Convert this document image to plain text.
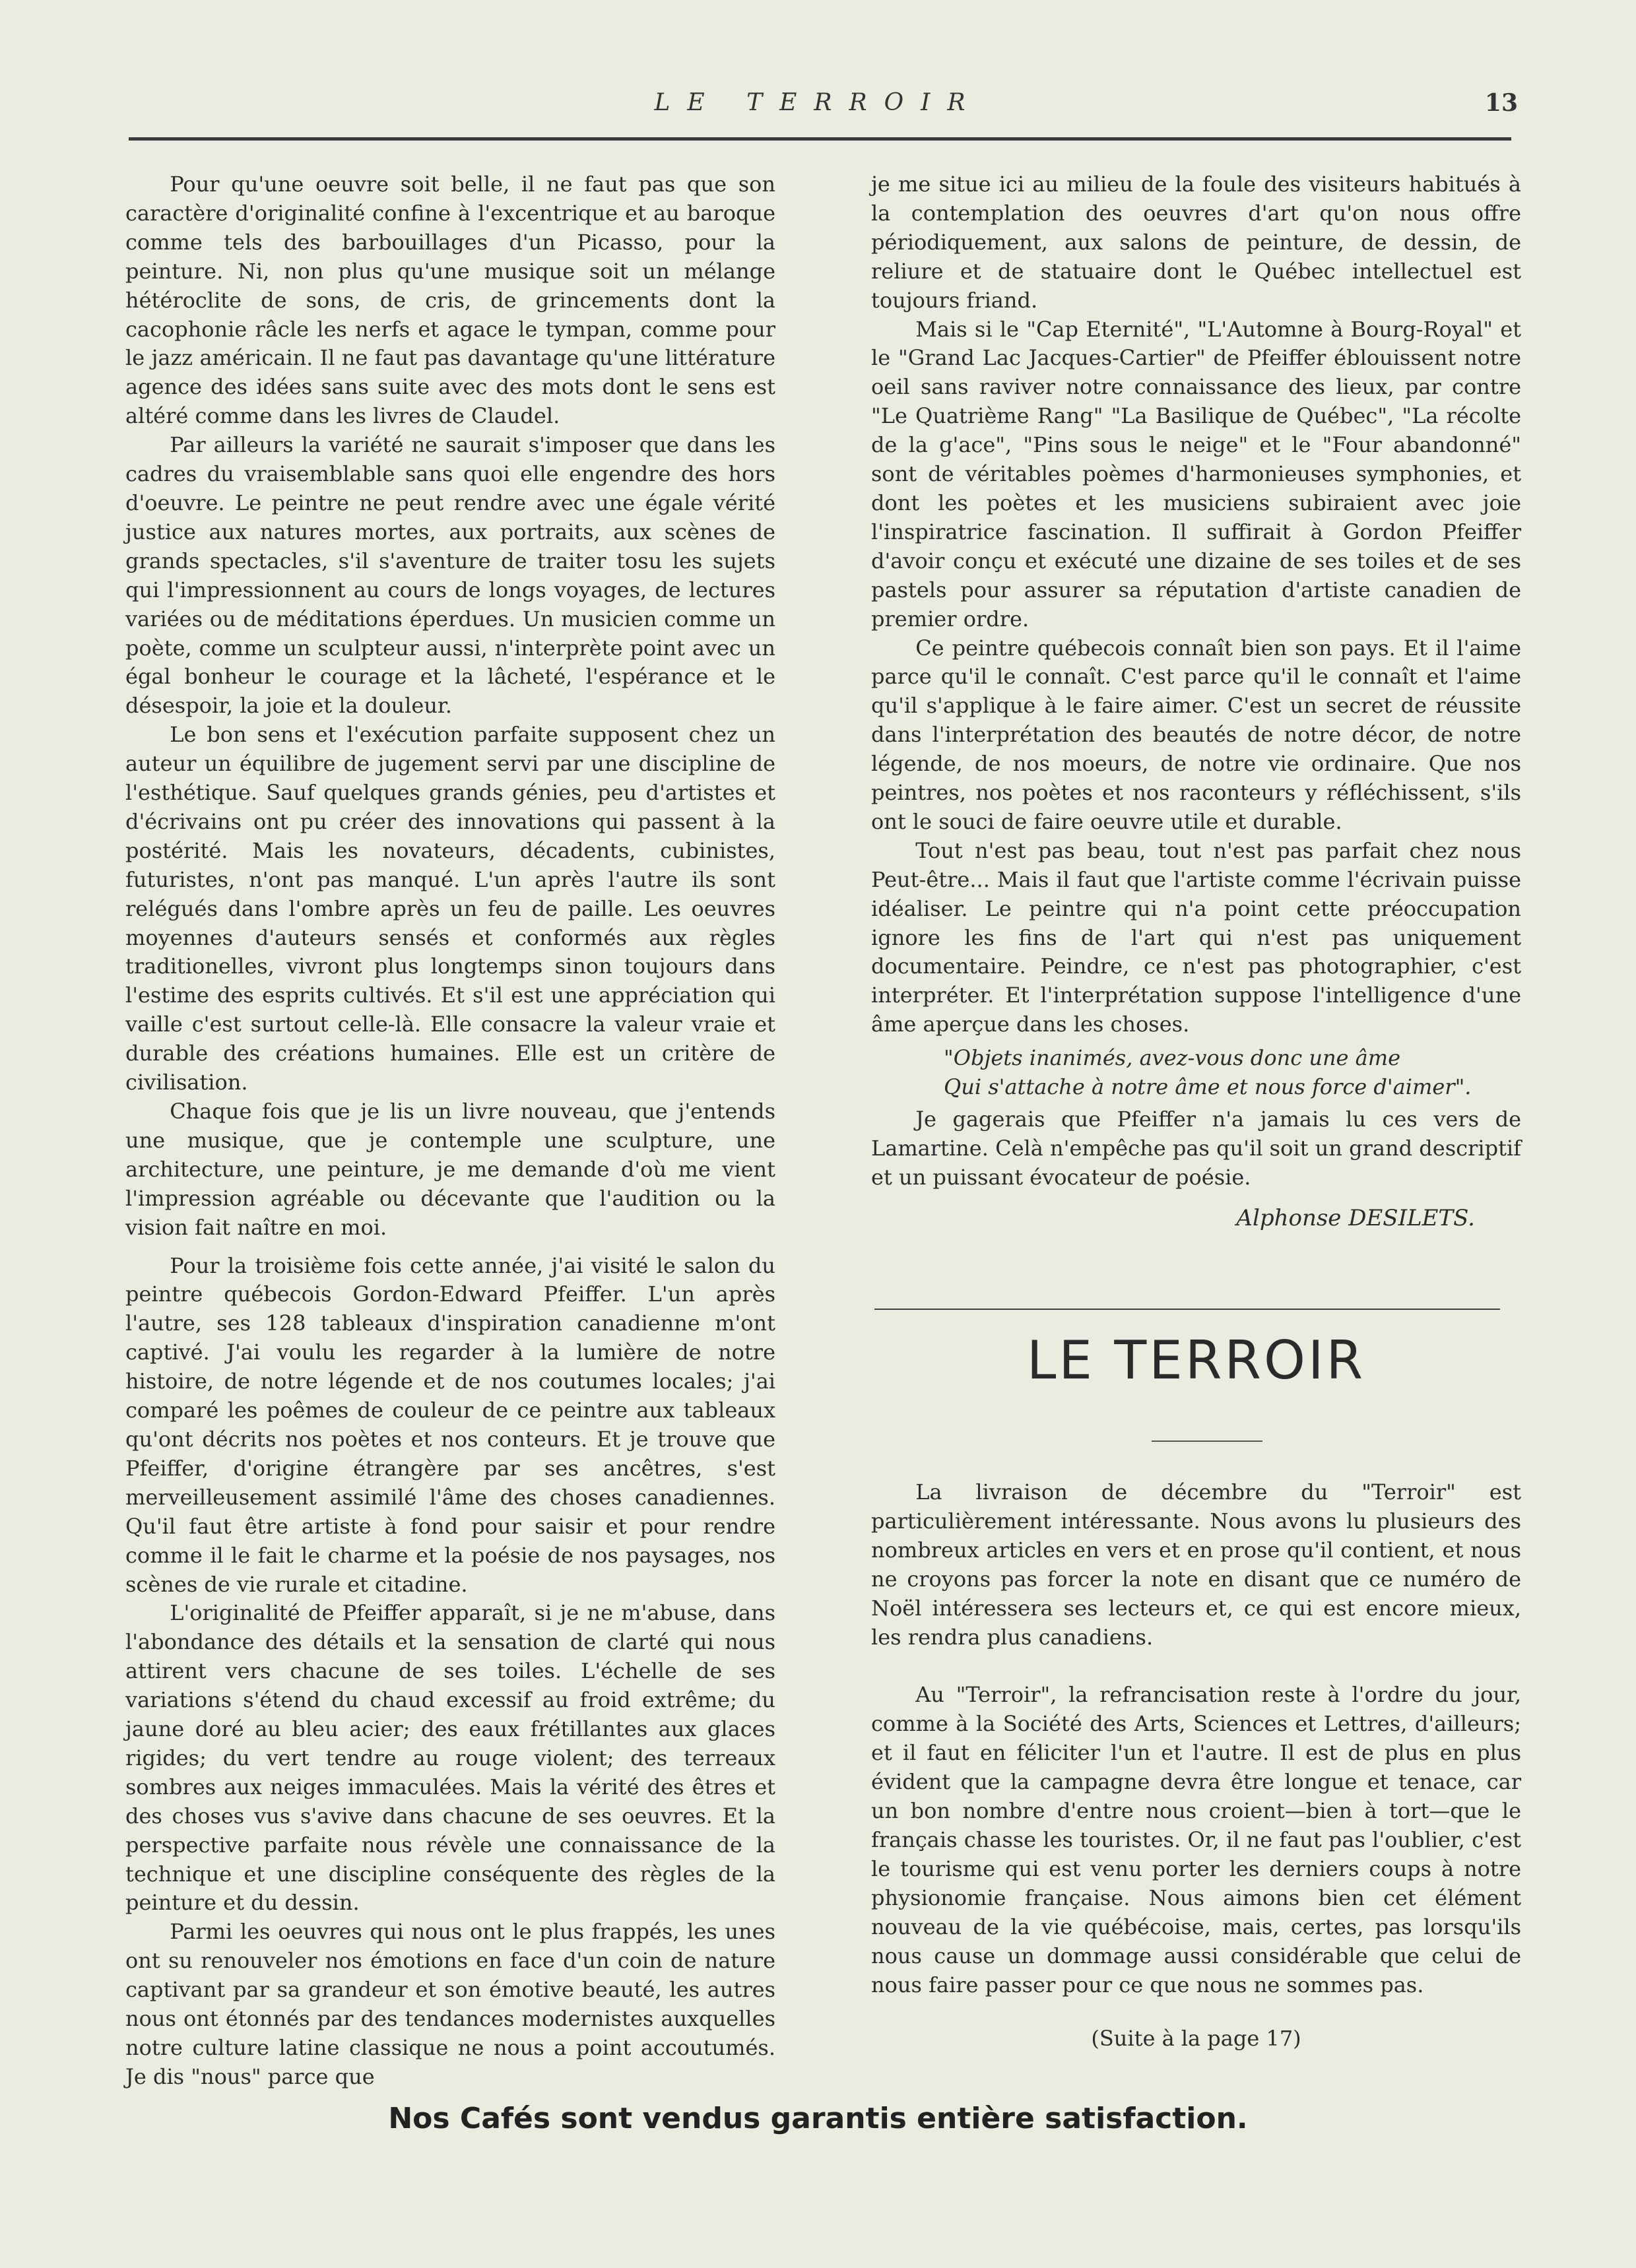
LE TERROIR	13

Pour qu'une oeuvre soit belle, il ne faut pas que son caractère d'originalité confine à l'excentrique et au baroque comme tels des barbouillages d'un Picasso, pour la peinture. Ni, non plus qu'une musique soit un mélange hétéroclite de sons, de cris, de grincements dont la cacophonie râcle les nerfs et agace le tympan, comme pour le jazz américain. Il ne faut pas davantage qu'une littérature agence des idées sans suite avec des mots dont le sens est altéré comme dans les livres de Claudel.

Par ailleurs la variété ne saurait s'imposer que dans les cadres du vraisemblable sans quoi elle engendre des hors d'oeuvre. Le peintre ne peut rendre avec une égale vérité justice aux natures mortes, aux portraits, aux scènes de grands spectacles, s'il s'aventure de traiter tosu les sujets qui l'impressionnent au cours de longs voyages, de lectures variées ou de méditations éperdues. Un musicien comme un poète, comme un sculpteur aussi, n'interprète point avec un égal bonheur le courage et la lâcheté, l'espérance et le désespoir, la joie et la douleur.

Le bon sens et l'exécution parfaite supposent chez un auteur un équilibre de jugement servi par une discipline de l'esthétique. Sauf quelques grands génies, peu d'artistes et d'écrivains ont pu créer des innovations qui passent à la postérité. Mais les novateurs, décadents, cubinistes, futuristes, n'ont pas manqué. L'un après l'autre ils sont relégués dans l'ombre après un feu de paille. Les oeuvres moyennes d'auteurs sensés et conformés aux règles traditionelles, vivront plus longtemps sinon toujours dans l'estime des esprits cultivés. Et s'il est une appréciation qui vaille c'est surtout celle-là. Elle consacre la valeur vraie et durable des créations humaines. Elle est un critère de civilisation.

Chaque fois que je lis un livre nouveau, que j'entends une musique, que je contemple une sculpture, une architecture, une peinture, je me demande d'où me vient l'impression agréable ou décevante que l'audition ou la vision fait naître en moi.

Pour la troisième fois cette année, j'ai visité le salon du peintre québecois Gordon-Edward Pfeiffer. L'un après l'autre, ses 128 tableaux d'inspiration canadienne m'ont captivé. J'ai voulu les regarder à la lumière de notre histoire, de notre légende et de nos coutumes locales; j'ai comparé les poêmes de couleur de ce peintre aux tableaux qu'ont décrits nos poètes et nos conteurs. Et je trouve que Pfeiffer, d'origine étrangère par ses ancêtres, s'est merveilleusement assimilé l'âme des choses canadiennes. Qu'il faut être artiste à fond pour saisir et pour rendre comme il le fait le charme et la poésie de nos paysages, nos scènes de vie rurale et citadine.

L'originalité de Pfeiffer apparaît, si je ne m'abuse, dans l'abondance des détails et la sensation de clarté qui nous attirent vers chacune de ses toiles. L'échelle de ses variations s'étend du chaud excessif au froid extrême; du jaune doré au bleu acier; des eaux frétillantes aux glaces rigides; du vert tendre au rouge violent; des terreaux sombres aux neiges immaculées. Mais la vérité des êtres et des choses vus s'avive dans chacune de ses oeuvres. Et la perspective parfaite nous révèle une connaissance de la technique et une discipline conséquente des règles de la peinture et du dessin.

Parmi les oeuvres qui nous ont le plus frappés, les unes ont su renouveler nos émotions en face d'un coin de nature captivant par sa grandeur et son émotive beauté, les autres nous ont étonnés par des tendances modernistes auxquelles notre culture latine classique ne nous a point accoutumés. Je dis "nous" parce que

je me situe ici au milieu de la foule des visiteurs habitués à la contemplation des oeuvres d'art qu'on nous offre périodiquement, aux salons de peinture, de dessin, de reliure et de statuaire dont le Québec intellectuel est toujours friand.

Mais si le "Cap Eternité", "L'Automne à Bourg-Royal" et le "Grand Lac Jacques-Cartier" de Pfeiffer éblouissent notre oeil sans raviver notre connaissance des lieux, par contre "Le Quatrième Rang" "La Basilique de Québec", "La récolte de la g'ace", "Pins sous le neige" et le "Four abandonné" sont de véritables poèmes d'harmonieuses symphonies, et dont les poètes et les musiciens subiraient avec joie l'inspiratrice fascination. Il suffirait à Gordon Pfeiffer d'avoir conçu et exécuté une dizaine de ses toiles et de ses pastels pour assurer sa réputation d'artiste canadien de premier ordre.

Ce peintre québecois connaît bien son pays. Et il l'aime parce qu'il le connaît. C'est parce qu'il le connaît et l'aime qu'il s'applique à le faire aimer. C'est un secret de réussite dans l'interprétation des beautés de notre décor, de notre légende, de nos moeurs, de notre vie ordinaire. Que nos peintres, nos poètes et nos raconteurs y réfléchissent, s'ils ont le souci de faire oeuvre utile et durable.

Tout n'est pas beau, tout n'est pas parfait chez nous Peut-être... Mais il faut que l'artiste comme l'écrivain puisse idéaliser. Le peintre qui n'a point cette préoccupation ignore les fins de l'art qui n'est pas uniquement documentaire. Peindre, ce n'est pas photographier, c'est interpréter. Et l'interprétation suppose l'intelligence d'une âme aperçue dans les choses.

"Objets inanimés, avez-vous donc une âme
Qui s'attache à notre âme et nous force d'aimer".

Je gagerais que Pfeiffer n'a jamais lu ces vers de Lamartine. Celà n'empêche pas qu'il soit un grand descriptif et un puissant évocateur de poésie.

Alphonse DESILETS.
LE TERROIR

La livraison de décembre du "Terroir" est particulièrement intéressante. Nous avons lu plusieurs des nombreux articles en vers et en prose qu'il contient, et nous ne croyons pas forcer la note en disant que ce numéro de Noël intéressera ses lecteurs et, ce qui est encore mieux, les rendra plus canadiens.

Au "Terroir", la refrancisation reste à l'ordre du jour, comme à la Société des Arts, Sciences et Lettres, d'ailleurs; et il faut en féliciter l'un et l'autre. Il est de plus en plus évident que la campagne devra être longue et tenace, car un bon nombre d'entre nous croient—bien à tort—que le français chasse les touristes. Or, il ne faut pas l'oublier, c'est le tourisme qui est venu porter les derniers coups à notre physionomie française. Nous aimons bien cet élément nouveau de la vie québécoise, mais, certes, pas lorsqu'ils nous cause un dommage aussi considérable que celui de nous faire passer pour ce que nous ne sommes pas.

(Suite à la page 17)
Nos Cafés sont vendus garantis entière satisfaction.
